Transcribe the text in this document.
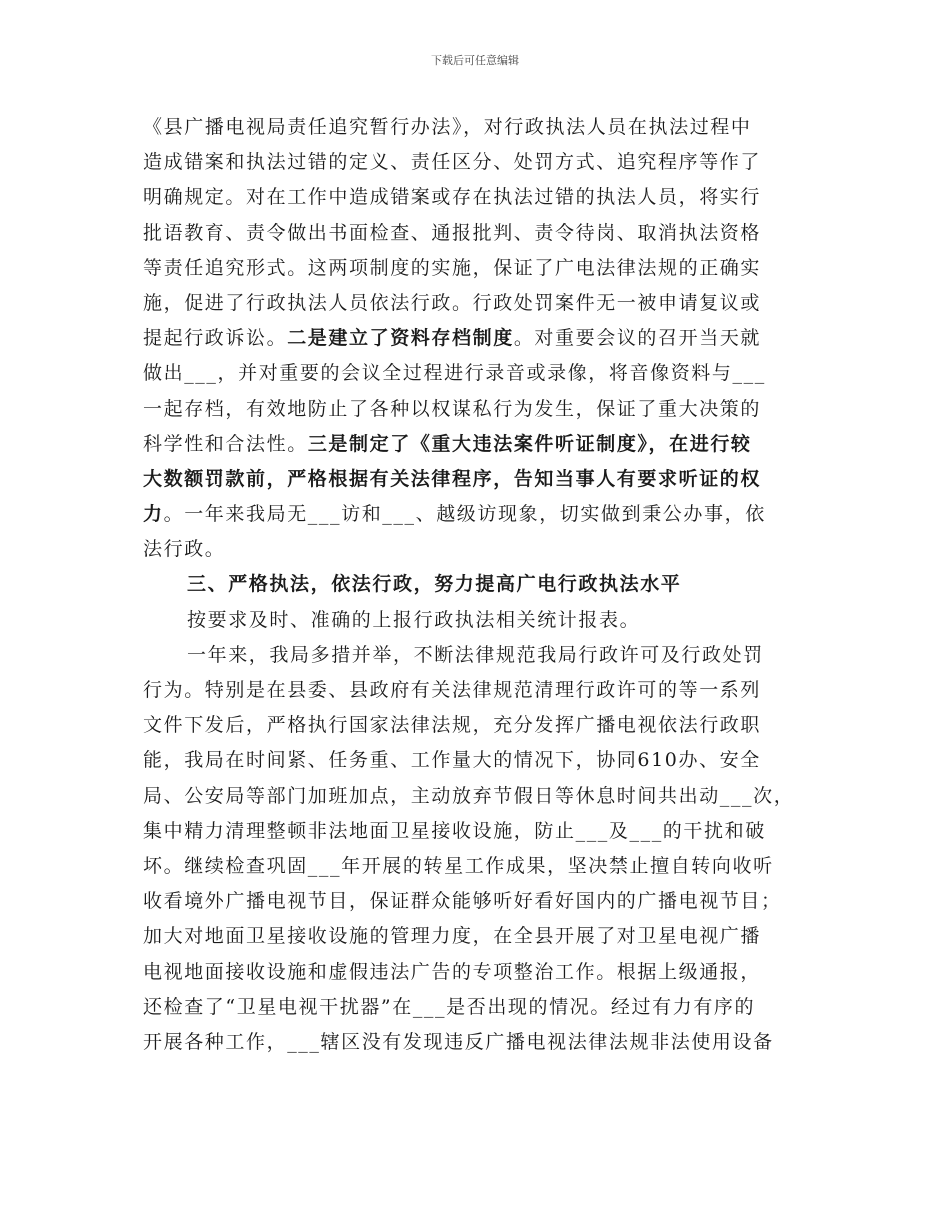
下载后可任意编辑
《县广播电视局责任追究暂行办法》，对行政执法人员在执法过程中
造成错案和执法过错的定义、责任区分、处罚方式、追究程序等作了
明确规定。对在工作中造成错案或存在执法过错的执法人员，将实行
批语教育、责令做出书面检查、通报批判、责令待岗、取消执法资格
等责任追究形式。这两项制度的实施，保证了广电法律法规的正确实
施，促进了行政执法人员依法行政。行政处罚案件无一被申请复议或
提起行政诉讼。二是建立了资料存档制度。对重要会议的召开当天就
做出___，并对重要的会议全过程进行录音或录像，将音像资料与___
一起存档，有效地防止了各种以权谋私行为发生，保证了重大决策的
科学性和合法性。三是制定了《重大违法案件听证制度》，在进行较
大数额罚款前，严格根据有关法律程序，告知当事人有要求听证的权
力。一年来我局无___访和___、越级访现象，切实做到秉公办事，依
法行政。
三、严格执法，依法行政，努力提高广电行政执法水平
按要求及时、准确的上报行政执法相关统计报表。
一年来，我局多措并举，不断法律规范我局行政许可及行政处罚
行为。特别是在县委、县政府有关法律规范清理行政许可的等一系列
文件下发后，严格执行国家法律法规，充分发挥广播电视依法行政职
能，我局在时间紧、任务重、工作量大的情况下，协同610办、安全
局、公安局等部门加班加点，主动放弃节假日等休息时间共出动___次，
集中精力清理整顿非法地面卫星接收设施，防止___及___的干扰和破
坏。继续检查巩固___年开展的转星工作成果，坚决禁止擅自转向收听
收看境外广播电视节目，保证群众能够听好看好国内的广播电视节目；
加大对地面卫星接收设施的管理力度，在全县开展了对卫星电视广播
电视地面接收设施和虚假违法广告的专项整治工作。根据上级通报，
还检查了“卫星电视干扰器”在___是否出现的情况。经过有力有序的
开展各种工作，___辖区没有发现违反广播电视法律法规非法使用设备
